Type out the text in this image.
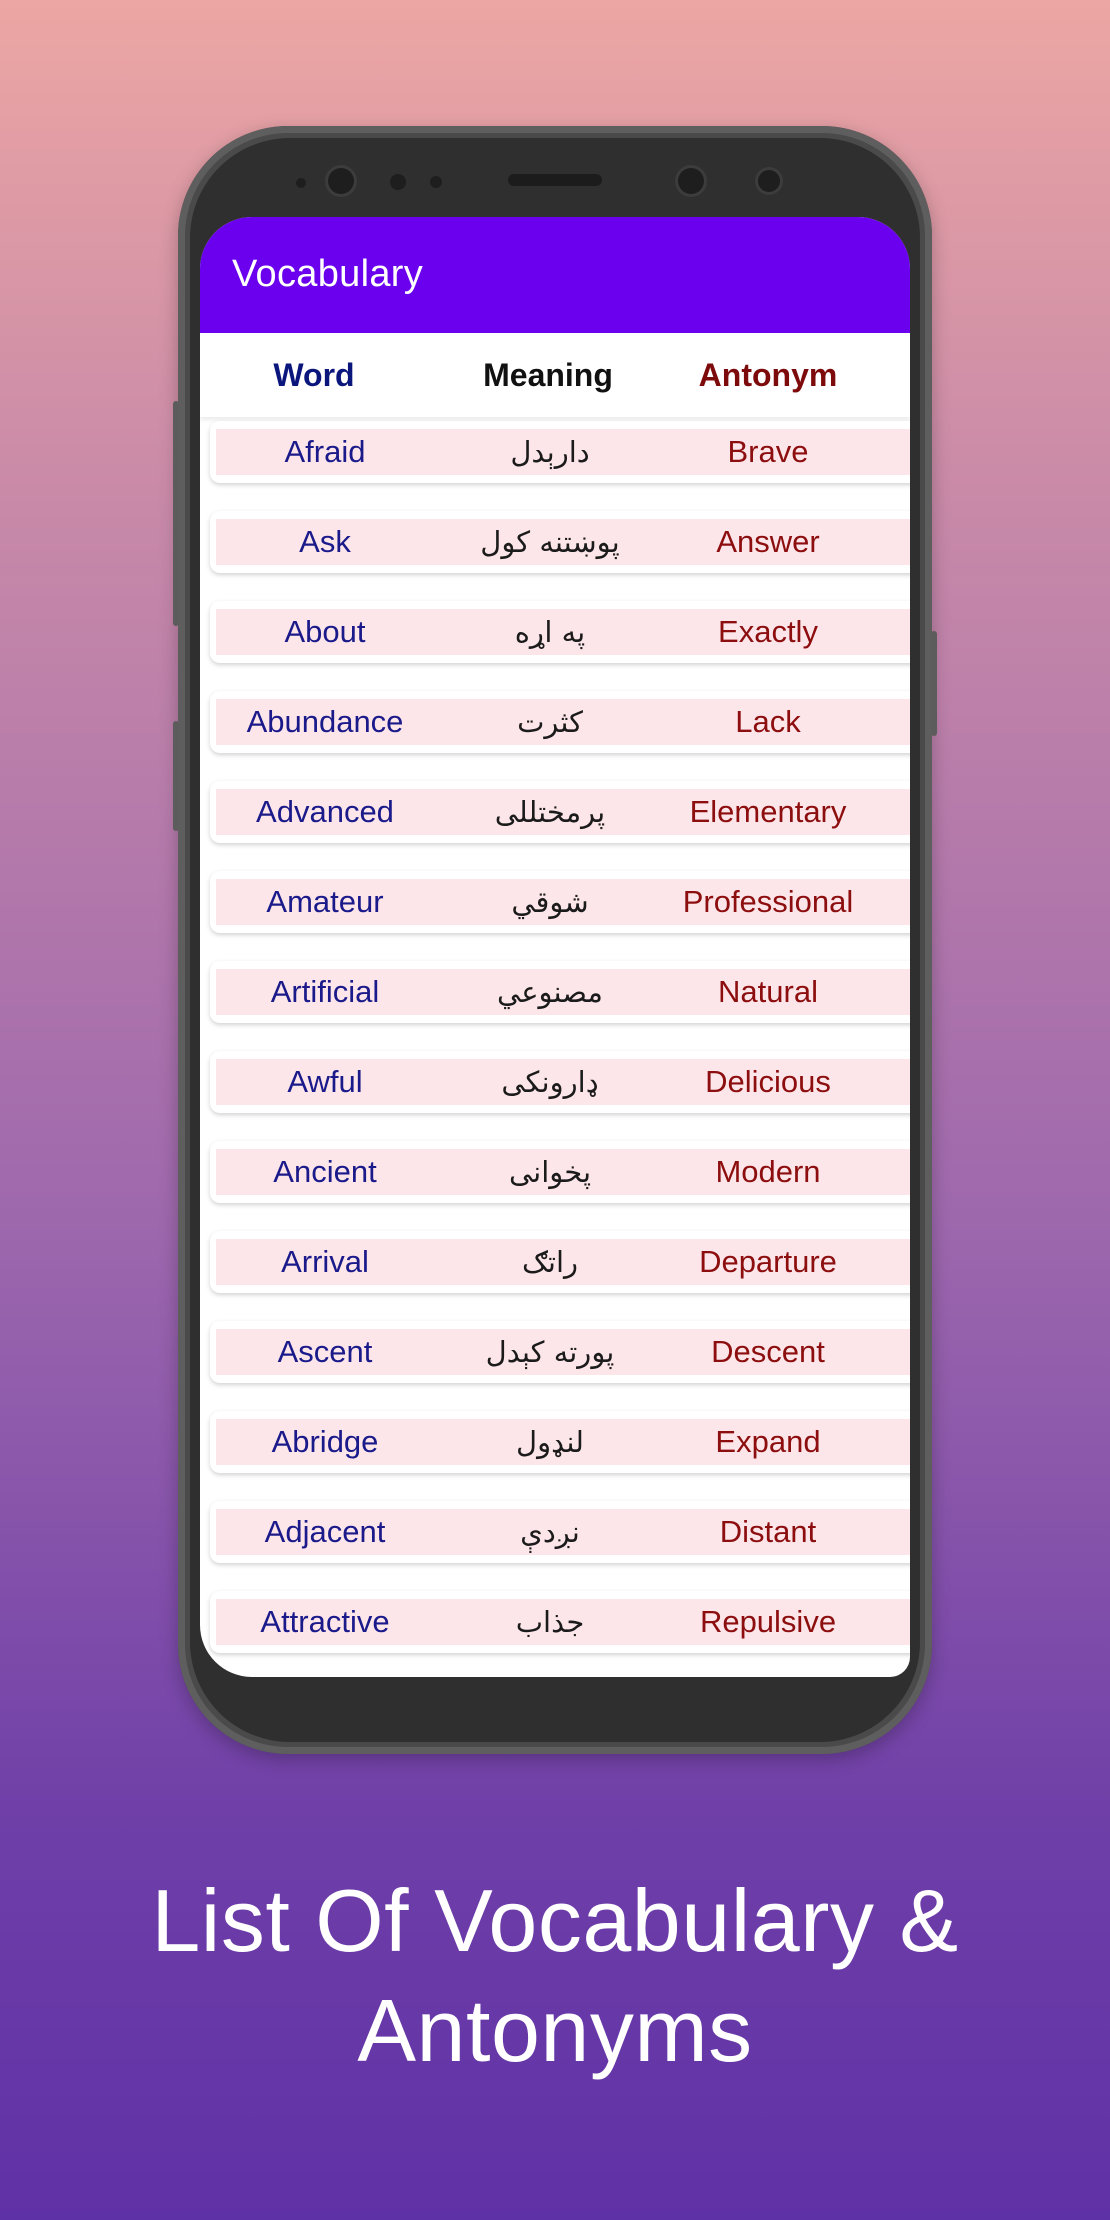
Vocabulary
Word	Meaning	Antonym
Afraid	دارېدل	Brave
Ask	پوښتنه کول	Answer
About	په اړه	Exactly
Abundance	کثرت	Lack
Advanced	پرمختللی	Elementary
Amateur	شوقي	Professional
Artificial	مصنوعي	Natural
Awful	ډارونکی	Delicious
Ancient	پخوانی	Modern
Arrival	راتګ	Departure
Ascent	پورته کېدل	Descent
Abridge	لنډول	Expand
Adjacent	نږدې	Distant
Attractive	جذاب	Repulsive
List Of Vocabulary &
Antonyms
